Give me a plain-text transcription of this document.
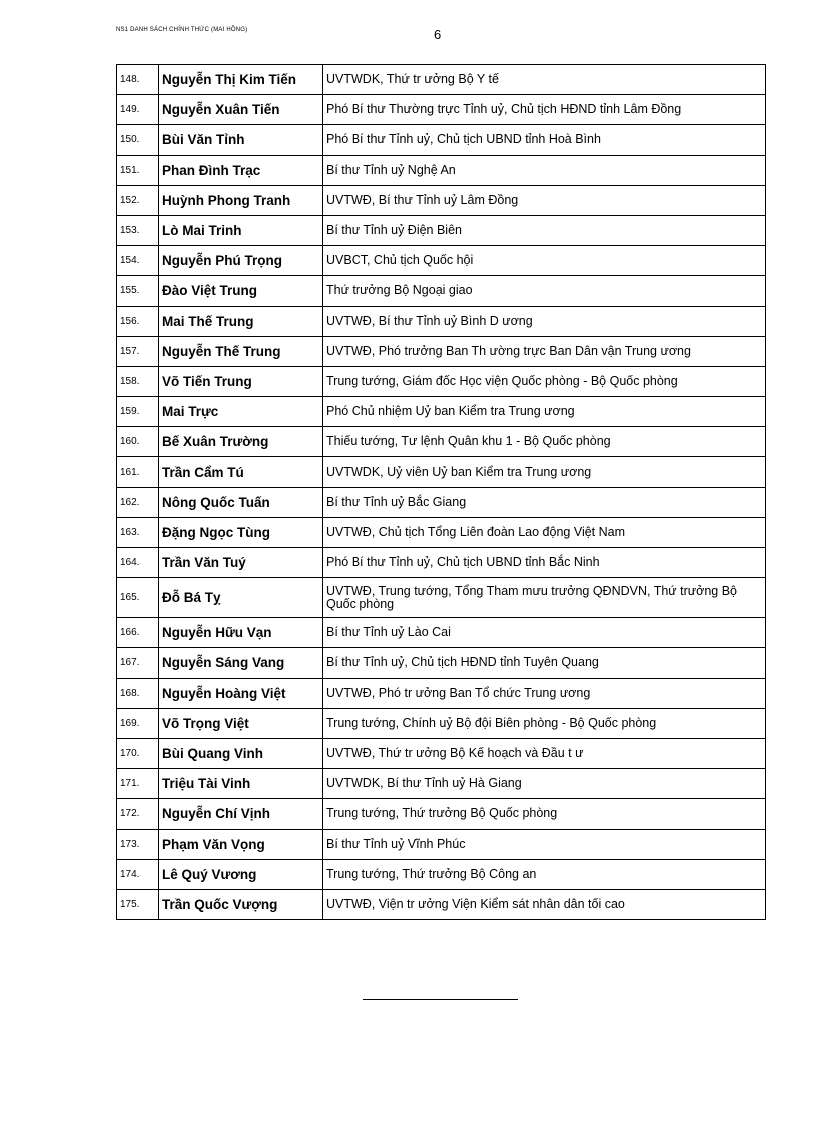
NS1 DANH SÁCH CHÍNH THỨC (MAI HỒNG)	6
148.	Nguyễn Thị Kim Tiến	UVTWDK, Thứ tr ưởng Bộ Y tế
149.	Nguyễn Xuân Tiến	Phó Bí thư Thường trực Tỉnh uỷ, Chủ tịch HĐND tỉnh Lâm Đồng
150.	Bùi Văn Tỉnh	Phó Bí thư Tỉnh uỷ, Chủ tịch UBND tỉnh Hoà Bình
151.	Phan Đình Trạc	Bí thư Tỉnh uỷ Nghệ An
152.	Huỳnh Phong Tranh	UVTWĐ, Bí thư Tỉnh uỷ Lâm Đồng
153.	Lò Mai Trinh	Bí thư Tỉnh uỷ Điện Biên
154.	Nguyễn Phú Trọng	UVBCT, Chủ tịch Quốc hội
155.	Đào Việt Trung	Thứ trưởng Bộ Ngoại giao
156.	Mai Thế Trung	UVTWĐ, Bí thư Tỉnh uỷ Bình D ương
157.	Nguyễn Thế Trung	UVTWĐ, Phó trưởng Ban Th ường trực Ban Dân vận Trung ương
158.	Võ Tiến Trung	Trung tướng, Giám đốc Học viện Quốc phòng - Bộ Quốc phòng
159.	Mai Trực	Phó Chủ nhiệm Uỷ ban Kiểm tra Trung ương
160.	Bế Xuân Trường	Thiếu tướng, Tư lệnh Quân khu 1 - Bộ Quốc phòng
161.	Trần Cẩm Tú	UVTWDK, Uỷ viên Uỷ ban Kiểm tra Trung ương
162.	Nông Quốc Tuấn	Bí thư Tỉnh uỷ Bắc Giang
163.	Đặng Ngọc Tùng	UVTWĐ, Chủ tịch Tổng Liên đoàn Lao động Việt Nam
164.	Trần Văn Tuý	Phó Bí thư Tỉnh uỷ, Chủ tịch UBND tỉnh Bắc Ninh
165.	Đỗ Bá Tỵ	UVTWĐ, Trung tướng, Tổng Tham mưu trưởng QĐNDVN, Thứ trưởng Bộ Quốc phòng
166.	Nguyễn Hữu Vạn	Bí thư Tỉnh uỷ Lào Cai
167.	Nguyễn Sáng Vang	Bí thư Tỉnh uỷ, Chủ tịch HĐND tỉnh Tuyên Quang
168.	Nguyễn Hoàng Việt	UVTWĐ, Phó tr ưởng Ban Tổ chức Trung ương
169.	Võ Trọng Việt	Trung tướng, Chính uỷ Bộ đội Biên phòng - Bộ Quốc phòng
170.	Bùi Quang Vinh	UVTWĐ, Thứ tr ưởng Bộ Kế hoạch và Đầu t ư
171.	Triệu Tài Vinh	UVTWDK, Bí thư Tỉnh uỷ Hà Giang
172.	Nguyễn Chí Vịnh	Trung tướng, Thứ trưởng Bộ Quốc phòng
173.	Phạm Văn Vọng	Bí thư Tỉnh uỷ Vĩnh Phúc
174.	Lê Quý Vương	Trung tướng, Thứ trưởng Bộ Công an
175.	Trần Quốc Vượng	UVTWĐ, Viện tr ưởng Viện Kiểm sát nhân dân tối cao
